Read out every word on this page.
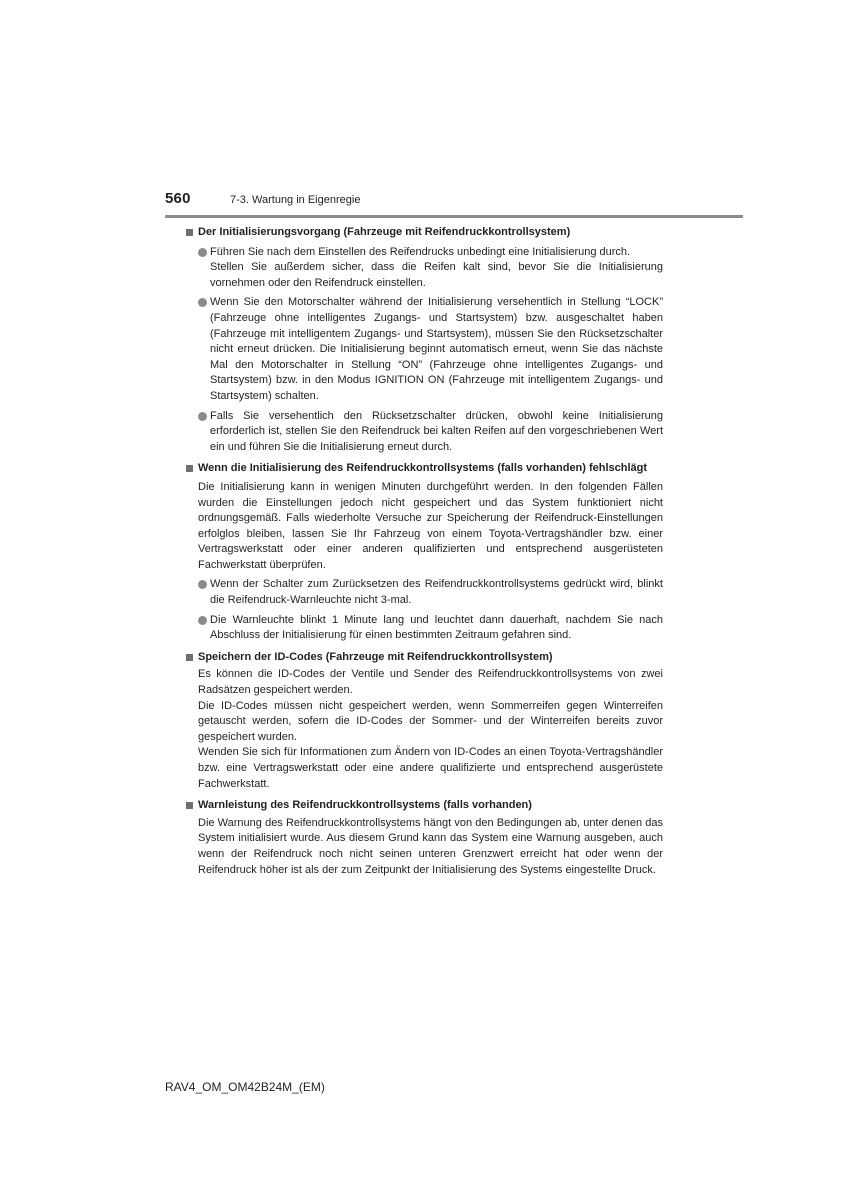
560	7-3. Wartung in Eigenregie

Der Initialisierungsvorgang (Fahrzeuge mit Reifendruckkontrollsystem)

Führen Sie nach dem Einstellen des Reifendrucks unbedingt eine Initialisierung durch.

Stellen Sie außerdem sicher, dass die Reifen kalt sind, bevor Sie die Initialisierung vornehmen oder den Reifendruck einstellen.

Wenn Sie den Motorschalter während der Initialisierung versehentlich in Stellung “LOCK” (Fahrzeuge ohne intelligentes Zugangs- und Startsystem) bzw. ausgeschaltet haben (Fahrzeuge mit intelligentem Zugangs- und Startsystem), müssen Sie den Rücksetzschalter nicht erneut drücken. Die Initialisierung beginnt automatisch erneut, wenn Sie das nächste Mal den Motorschalter in Stellung “ON” (Fahrzeuge ohne intelligentes Zugangs- und Startsystem) bzw. in den Modus IGNITION ON (Fahrzeuge mit intelligentem Zugangs- und Startsystem) schalten.

Falls Sie versehentlich den Rücksetzschalter drücken, obwohl keine Initialisierung erforderlich ist, stellen Sie den Reifendruck bei kalten Reifen auf den vorgeschriebenen Wert ein und führen Sie die Initialisierung erneut durch.

Wenn die Initialisierung des Reifendruckkontrollsystems (falls vorhanden) fehlschlägt

Die Initialisierung kann in wenigen Minuten durchgeführt werden. In den folgenden Fällen wurden die Einstellungen jedoch nicht gespeichert und das System funktioniert nicht ordnungsgemäß. Falls wiederholte Versuche zur Speicherung der Reifendruck-Einstellungen erfolglos bleiben, lassen Sie Ihr Fahrzeug von einem Toyota-Vertragshändler bzw. einer Vertragswerkstatt oder einer anderen qualifizierten und entsprechend ausgerüsteten Fachwerkstatt überprüfen.

Wenn der Schalter zum Zurücksetzen des Reifendruckkontrollsystems gedrückt wird, blinkt die Reifendruck-Warnleuchte nicht 3-mal.

Die Warnleuchte blinkt 1 Minute lang und leuchtet dann dauerhaft, nachdem Sie nach Abschluss der Initialisierung für einen bestimmten Zeitraum gefahren sind.

Speichern der ID-Codes (Fahrzeuge mit Reifendruckkontrollsystem)

Es können die ID-Codes der Ventile und Sender des Reifendruckkontrollsystems von zwei Radsätzen gespeichert werden.

Die ID-Codes müssen nicht gespeichert werden, wenn Sommerreifen gegen Winterreifen getauscht werden, sofern die ID-Codes der Sommer- und der Winterreifen bereits zuvor gespeichert wurden.

Wenden Sie sich für Informationen zum Ändern von ID-Codes an einen Toyota-Vertragshändler bzw. eine Vertragswerkstatt oder eine andere qualifizierte und entsprechend ausgerüstete Fachwerkstatt.

Warnleistung des Reifendruckkontrollsystems (falls vorhanden)

Die Warnung des Reifendruckkontrollsystems hängt von den Bedingungen ab, unter denen das System initialisiert wurde. Aus diesem Grund kann das System eine Warnung ausgeben, auch wenn der Reifendruck noch nicht seinen unteren Grenzwert erreicht hat oder wenn der Reifendruck höher ist als der zum Zeitpunkt der Initialisierung des Systems eingestellte Druck.

RAV4_OM_OM42B24M_(EM)
